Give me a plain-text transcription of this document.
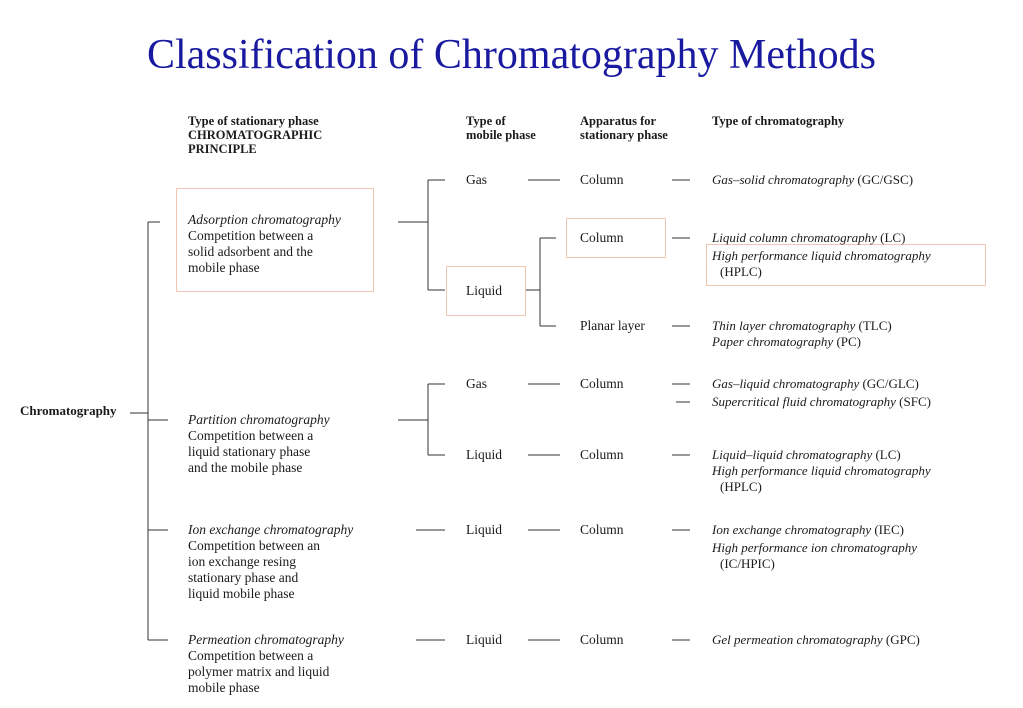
Classification of Chromatography Methods
Type of stationary phase
CHROMATOGRAPHIC
PRINCIPLE
Type of
mobile phase
Apparatus for
stationary phase
Type of chromatography
Chromatography
Adsorption chromatography
Competition between a
solid adsorbent and the
mobile phase
Partition chromatography
Competition between a
liquid stationary phase
and the mobile phase
Ion exchange chromatography
Competition between an
ion exchange resing
stationary phase and
liquid mobile phase
Permeation chromatography
Competition between a
polymer matrix and liquid
mobile phase
Gas
Liquid
Gas
Liquid
Liquid
Liquid
Column
Column
Planar layer
Column
Column
Column
Column
Gas–solid chromatography (GC/GSC)
Liquid column chromatography (LC)
High performance liquid chromatography
(HPLC)
Thin layer chromatography (TLC)
Paper chromatography (PC)
Gas–liquid chromatography (GC/GLC)
Supercritical fluid chromatography (SFC)
Liquid–liquid chromatography (LC)
High performance liquid chromatography
(HPLC)
Ion exchange chromatography (IEC)
High performance ion chromatography
(IC/HPIC)
Gel permeation chromatography (GPC)
